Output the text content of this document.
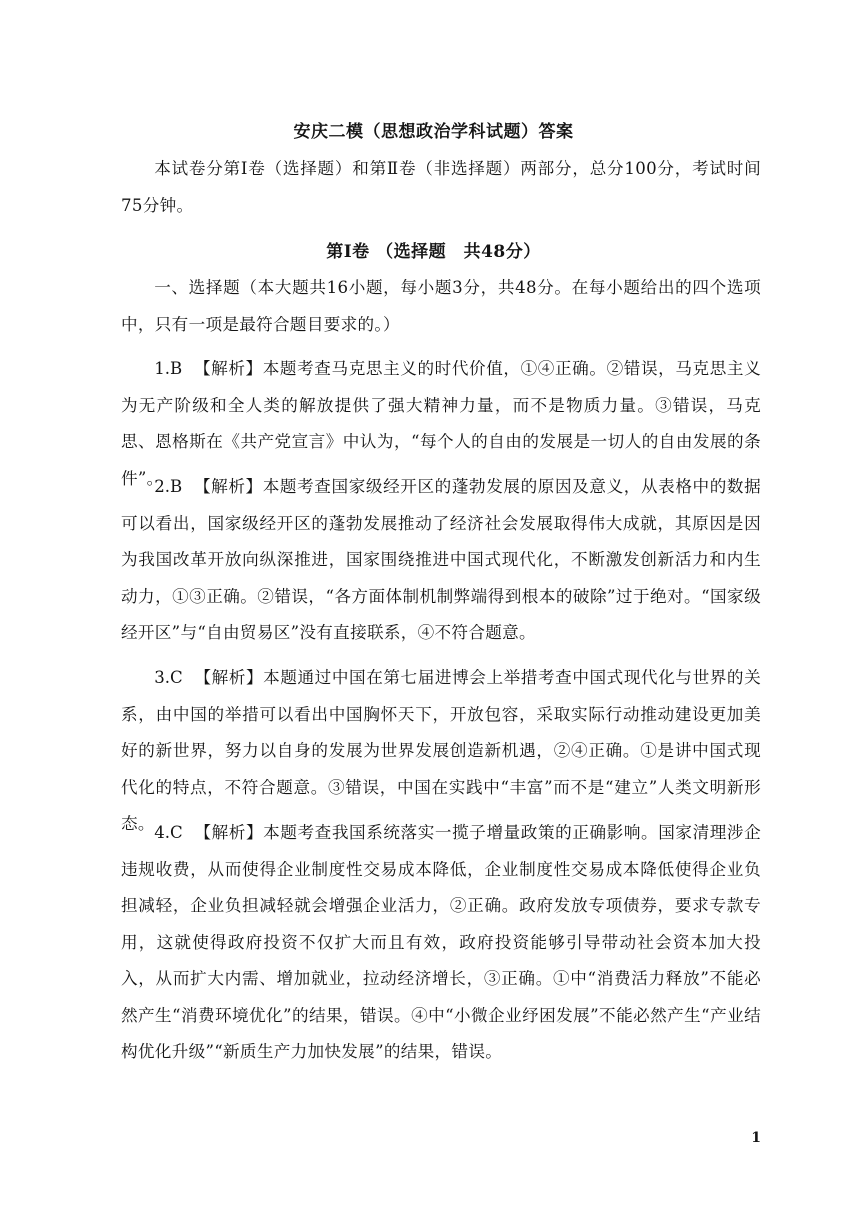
安庆二模（思想政治学科试题）答案

本试卷分第Ⅰ卷（选择题）和第Ⅱ卷（非选择题）两部分，总分100分，考试时间75分钟。

第Ⅰ卷 （选择题　共48分）

一、选择题（本大题共16小题，每小题3分，共48分。在每小题给出的四个选项中，只有一项是最符合题目要求的。）

1.B 【解析】本题考查马克思主义的时代价值，①④正确。②错误，马克思主义为无产阶级和全人类的解放提供了强大精神力量，而不是物质力量。③错误，马克思、恩格斯在《共产党宣言》中认为，“每个人的自由的发展是一切人的自由发展的条件”。

2.B 【解析】本题考查国家级经开区的蓬勃发展的原因及意义，从表格中的数据可以看出，国家级经开区的蓬勃发展推动了经济社会发展取得伟大成就，其原因是因为我国改革开放向纵深推进，国家围绕推进中国式现代化，不断激发创新活力和内生动力，①③正确。②错误，“各方面体制机制弊端得到根本的破除”过于绝对。“国家级经开区”与“自由贸易区”没有直接联系，④不符合题意。

3.C 【解析】本题通过中国在第七届进博会上举措考查中国式现代化与世界的关系，由中国的举措可以看出中国胸怀天下，开放包容，采取实际行动推动建设更加美好的新世界，努力以自身的发展为世界发展创造新机遇，②④正确。①是讲中国式现代化的特点，不符合题意。③错误，中国在实践中“丰富”而不是“建立”人类文明新形态。 4.C 【解析】本题考查我国系统落实一揽子增量政策的正确影响。国家清理涉企违规收费，从而使得企业制度性交易成本降低，企业制度性交易成本降低使得企业负担减轻，企业负担减轻就会增强企业活力，②正确。政府发放专项债券，要求专款专用，这就使得政府投资不仅扩大而且有效，政府投资能够引导带动社会资本加大投入，从而扩大内需、增加就业，拉动经济增长，③正确。①中“消费活力释放”不能必然产生“消费环境优化”的结果，错误。④中“小微企业纾困发展”不能必然产生“产业结构优化升级”“新质生产力加快发展”的结果，错误。

1
